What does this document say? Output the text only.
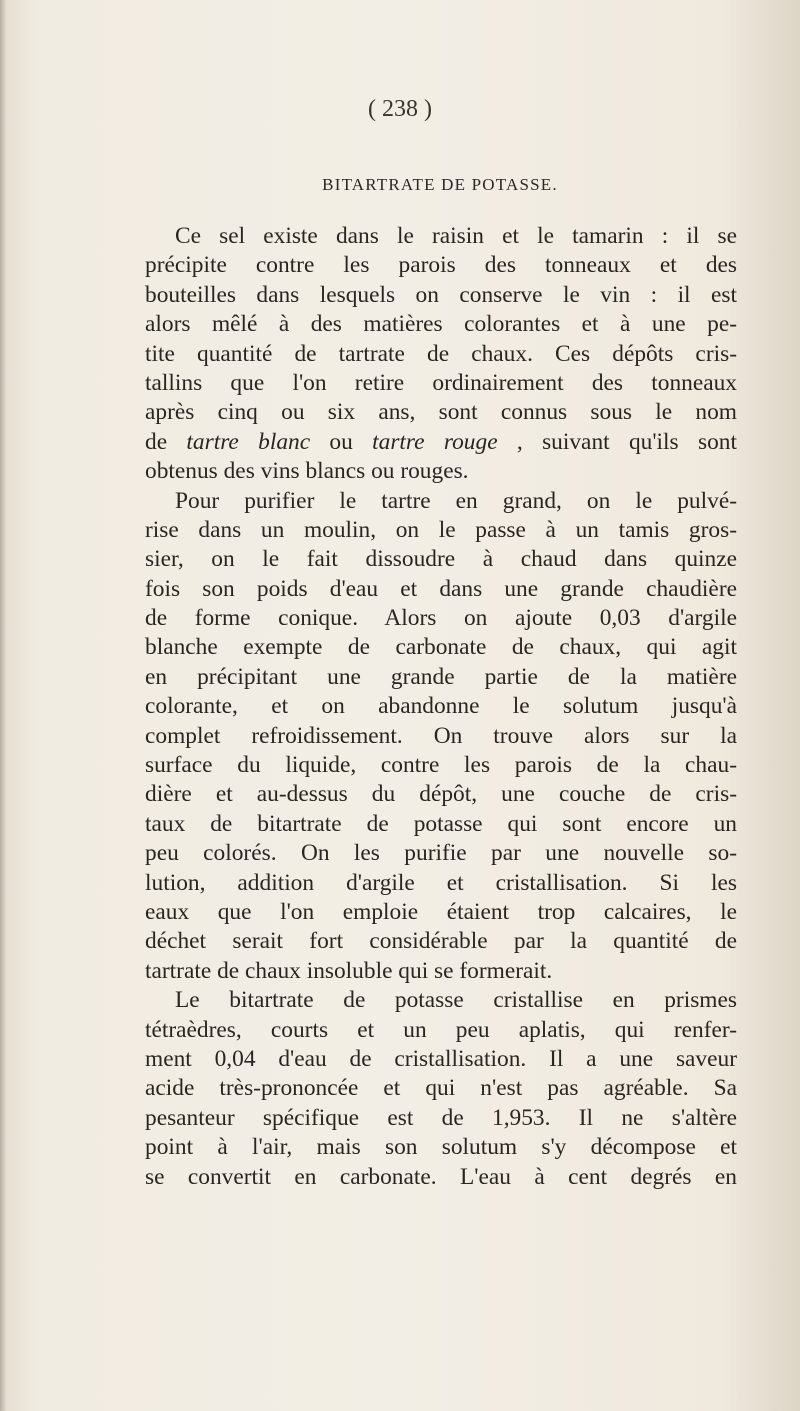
( 238 )
BITARTRATE DE POTASSE.
Ce sel existe dans le raisin et le tamarin : il se
précipite contre les parois des tonneaux et des
bouteilles dans lesquels on conserve le vin : il est
alors mêlé à des matières colorantes et à une pe-
tite quantité de tartrate de chaux. Ces dépôts cris-
tallins que l'on retire ordinairement des tonneaux
après cinq ou six ans, sont connus sous le nom
de tartre blanc ou tartre rouge , suivant qu'ils sont
obtenus des vins blancs ou rouges.
Pour purifier le tartre en grand, on le pulvé-
rise dans un moulin, on le passe à un tamis gros-
sier, on le fait dissoudre à chaud dans quinze
fois son poids d'eau et dans une grande chaudière
de forme conique. Alors on ajoute 0,03 d'argile
blanche exempte de carbonate de chaux, qui agit
en précipitant une grande partie de la matière
colorante, et on abandonne le solutum jusqu'à
complet refroidissement. On trouve alors sur la
surface du liquide, contre les parois de la chau-
dière et au-dessus du dépôt, une couche de cris-
taux de bitartrate de potasse qui sont encore un
peu colorés. On les purifie par une nouvelle so-
lution, addition d'argile et cristallisation. Si les
eaux que l'on emploie étaient trop calcaires, le
déchet serait fort considérable par la quantité de
tartrate de chaux insoluble qui se formerait.
Le bitartrate de potasse cristallise en prismes
tétraèdres, courts et un peu aplatis, qui renfer-
ment 0,04 d'eau de cristallisation. Il a une saveur
acide très-prononcée et qui n'est pas agréable. Sa
pesanteur spécifique est de 1,953. Il ne s'altère
point à l'air, mais son solutum s'y décompose et
se convertit en carbonate. L'eau à cent degrés en
